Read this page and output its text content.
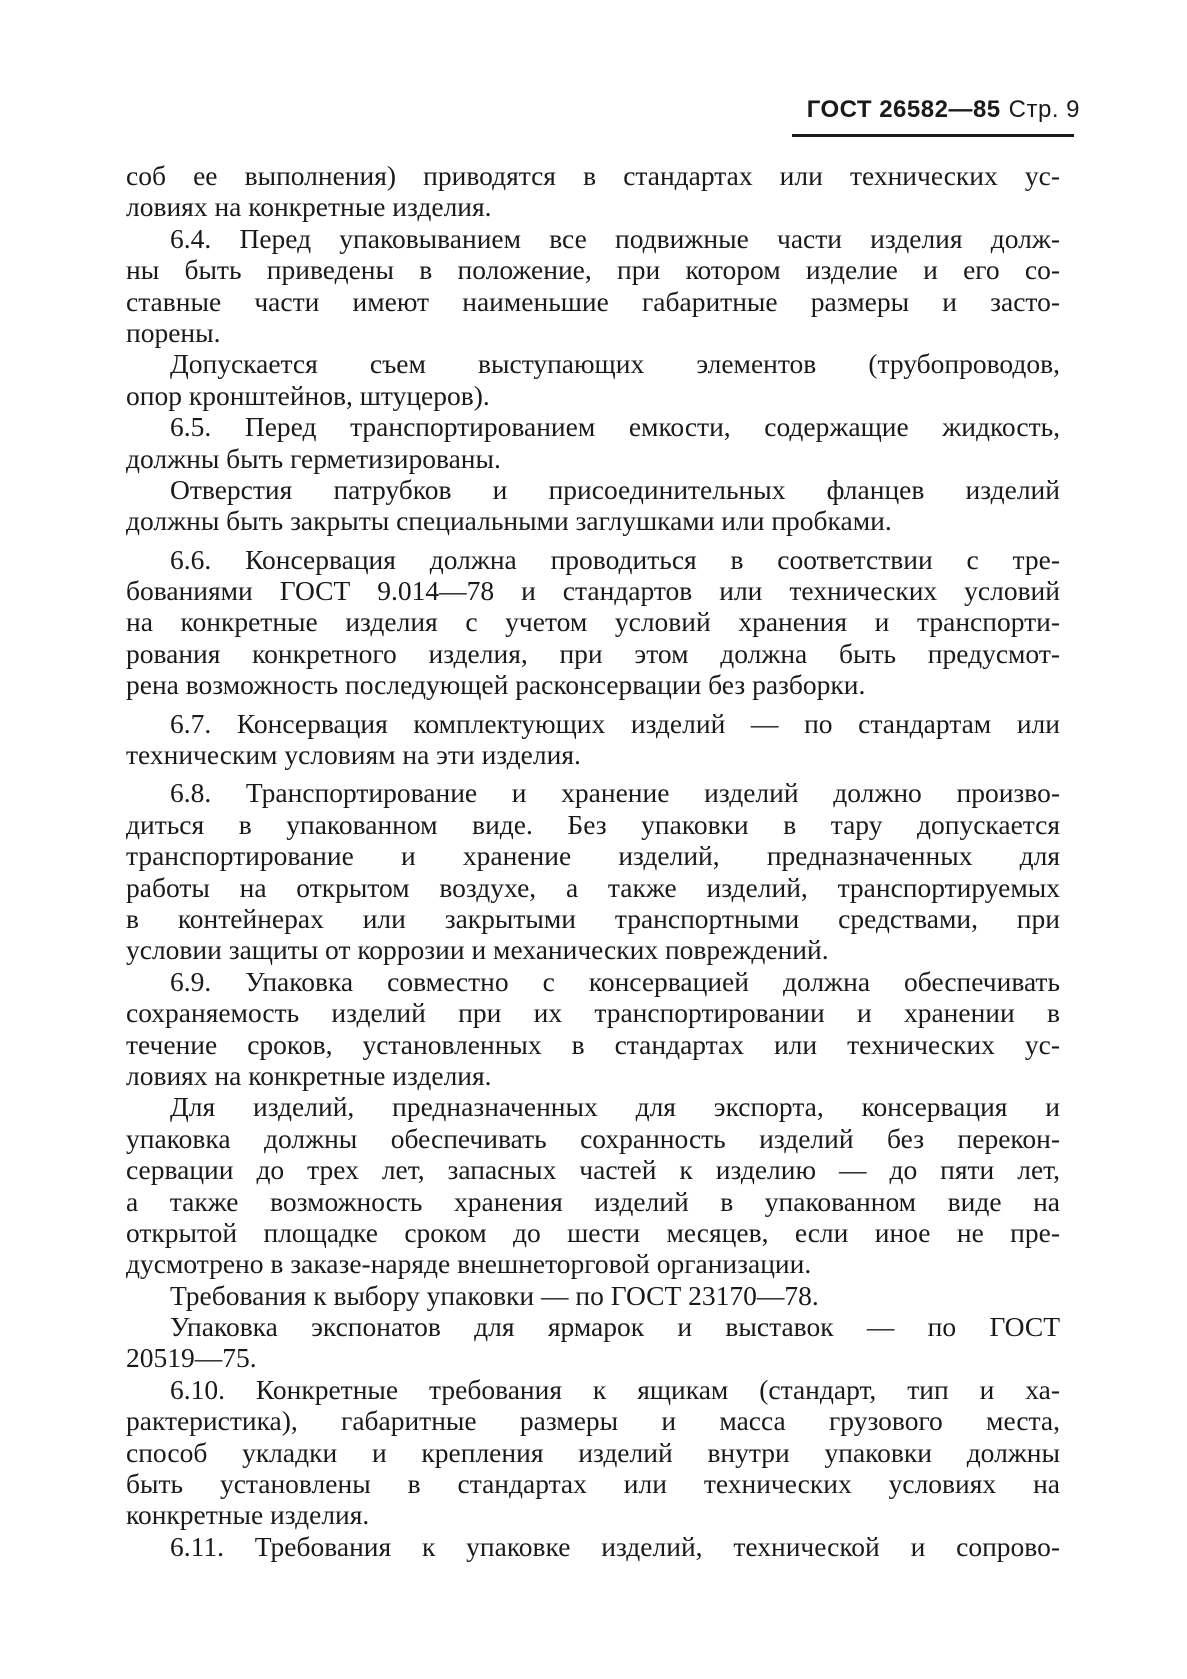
ГОСТ 26582—85 Стр. 9
соб ее выполнения) приводятся в стандартах или технических ус-
ловиях на конкретные изделия.
6.4. Перед упаковыванием все подвижные части изделия долж-
ны быть приведены в положение, при котором изделие и его со-
ставные части имеют наименьшие габаритные размеры и засто-
порены.
Допускается съем выступающих элементов (трубопроводов,
опор кронштейнов, штуцеров).
6.5. Перед транспортированием емкости, содержащие жидкость,
должны быть герметизированы.
Отверстия патрубков и присоединительных фланцев изделий
должны быть закрыты специальными заглушками или пробками.
6.6. Консервация должна проводиться в соответствии с тре-
бованиями ГОСТ 9.014—78 и стандартов или технических условий
на конкретные изделия с учетом условий хранения и транспорти-
рования конкретного изделия, при этом должна быть предусмот-
рена возможность последующей расконсервации без разборки.
6.7. Консервация комплектующих изделий — по стандартам или
техническим условиям на эти изделия.
6.8. Транспортирование и хранение изделий должно произво-
диться в упакованном виде. Без упаковки в тару допускается
транспортирование и хранение изделий, предназначенных для
работы на открытом воздухе, а также изделий, транспортируемых
в контейнерах или закрытыми транспортными средствами, при
условии защиты от коррозии и механических повреждений.
6.9. Упаковка совместно с консервацией должна обеспечивать
сохраняемость изделий при их транспортировании и хранении в
течение сроков, установленных в стандартах или технических ус-
ловиях на конкретные изделия.
Для изделий, предназначенных для экспорта, консервация и
упаковка должны обеспечивать сохранность изделий без перекон-
сервации до трех лет, запасных частей к изделию — до пяти лет,
а также возможность хранения изделий в упакованном виде на
открытой площадке сроком до шести месяцев, если иное не пре-
дусмотрено в заказе-наряде внешнеторговой организации.
Требования к выбору упаковки — по ГОСТ 23170—78.
Упаковка экспонатов для ярмарок и выставок — по ГОСТ
20519—75.
6.10. Конкретные требования к ящикам (стандарт, тип и ха-
рактеристика), габаритные размеры и масса грузового места,
способ укладки и крепления изделий внутри упаковки должны
быть установлены в стандартах или технических условиях на
конкретные изделия.
6.11. Требования к упаковке изделий, технической и сопрово-
